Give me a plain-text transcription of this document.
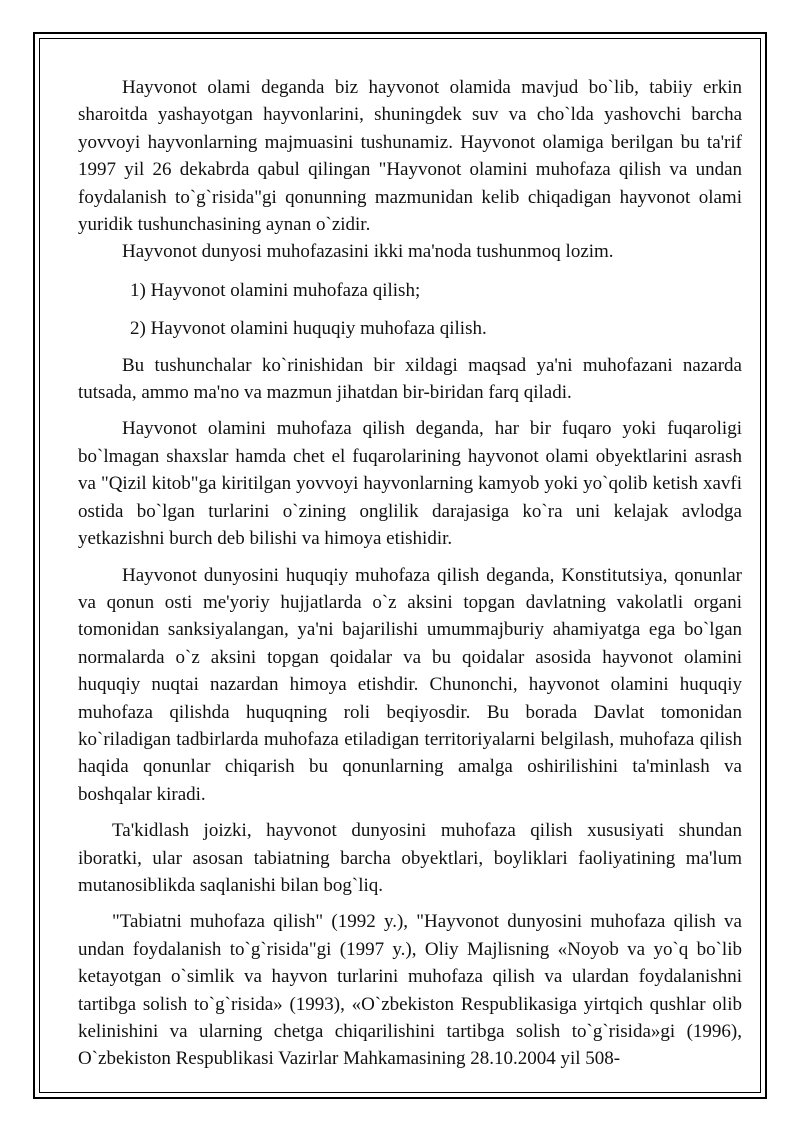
Hayvonot olami deganda biz hayvonot olamida mavjud bo`lib, tabiiy erkin sharoitda yashayotgan hayvonlarini, shuningdek suv va cho`lda yashovchi barcha yovvoyi hayvonlarning majmuasini tushunamiz. Hayvonot olamiga berilgan bu ta'rif 1997 yil 26 dekabrda qabul qilingan "Hayvonot olamini muhofaza qilish va undan foydalanish to`g`risida"gi qonunning mazmunidan kelib chiqadigan hayvonot olami yuridik tushunchasining aynan o`zidir.

Hayvonot dunyosi muhofazasini ikki ma'noda tushunmoq lozim.

1) Hayvonot olamini muhofaza qilish;

2) Hayvonot olamini huquqiy muhofaza qilish.

Bu tushunchalar ko`rinishidan bir xildagi maqsad ya'ni muhofazani nazarda tutsada, ammo ma'no va mazmun jihatdan bir-biridan farq qiladi.

Hayvonot olamini muhofaza qilish deganda, har bir fuqaro yoki fuqaroligi bo`lmagan shaxslar hamda chet el fuqarolarining hayvonot olami obyektlarini asrash va "Qizil kitob"ga kiritilgan yovvoyi hayvonlarning kamyob yoki yo`qolib ketish xavfi ostida bo`lgan turlarini o`zining onglilik darajasiga ko`ra uni kelajak avlodga yetkazishni burch deb bilishi va himoya etishidir.

Hayvonot dunyosini huquqiy muhofaza qilish deganda, Konstitutsiya, qonunlar va qonun osti me'yoriy hujjatlarda o`z aksini topgan davlatning vakolatli organi tomonidan sanksiyalangan, ya'ni bajarilishi umummajburiy ahamiyatga ega bo`lgan normalarda o`z aksini topgan qoidalar va bu qoidalar asosida hayvonot olamini huquqiy nuqtai nazardan himoya etishdir. Chunonchi, hayvonot olamini huquqiy muhofaza qilishda huquqning roli beqiyosdir. Bu borada Davlat tomonidan ko`riladigan tadbirlarda muhofaza etiladigan territoriyalarni belgilash, muhofaza qilish haqida qonunlar chiqarish bu qonunlarning amalga oshirilishini ta'minlash va boshqalar kiradi.

Ta'kidlash joizki, hayvonot dunyosini muhofaza qilish xususiyati shundan iboratki, ular asosan tabiatning barcha obyektlari, boyliklari faoliyatining ma'lum mutanosiblikda saqlanishi bilan bog`liq.

"Tabiatni muhofaza qilish" (1992 y.), "Hayvonot dunyosini muhofaza qilish va undan foydalanish to`g`risida"gi (1997 y.), Oliy Majlisning «Noyob va yo`q bo`lib ketayotgan o`simlik va hayvon turlarini muhofaza qilish va ulardan foydalanishni tartibga solish to`g`risida» (1993), «O`zbekiston Respublikasiga yirtqich qushlar olib kelinishini va ularning chetga chiqarilishini tartibga solish to`g`risida»gi (1996), O`zbekiston Respublikasi Vazirlar Mahkamasining 28.10.2004 yil 508-
